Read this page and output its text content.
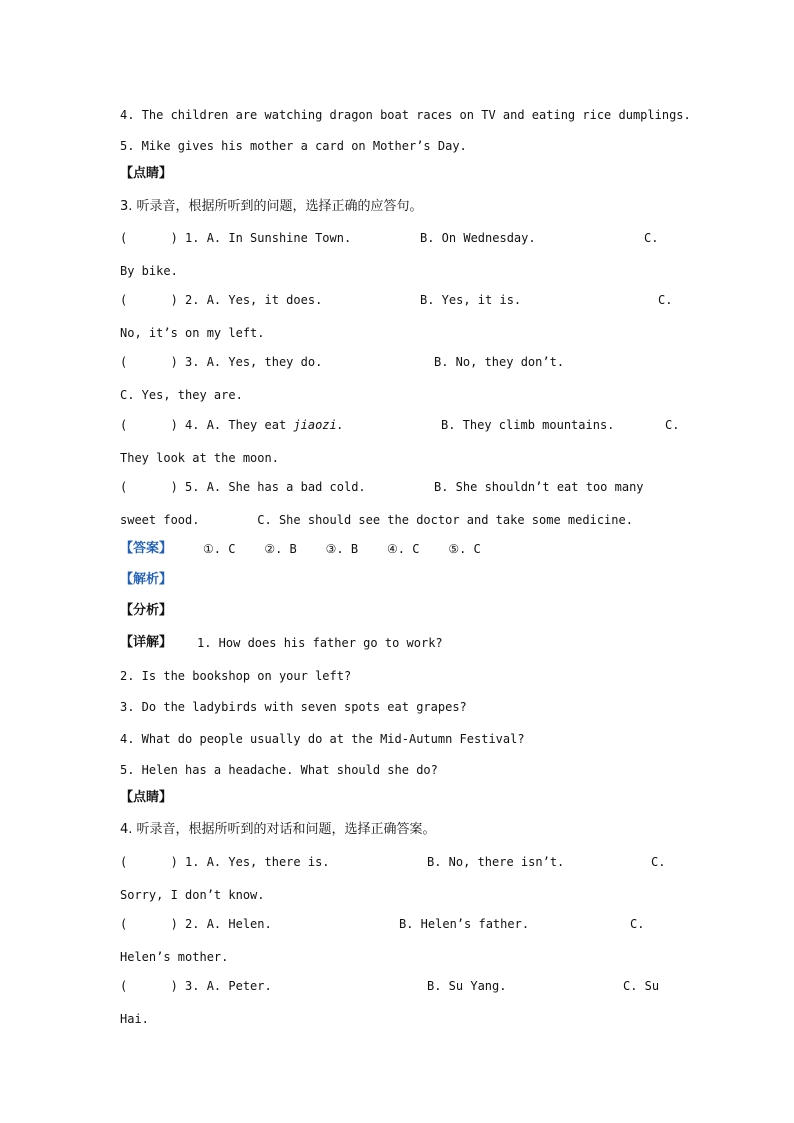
4. The children are watching dragon boat races on TV and eating rice dumplings.
5. Mike gives his mother a card on Mother’s Day.
【点睛】
3. 听录音，根据所听到的问题，选择正确的应答句。
(      ) 1. A. In Sunshine Town.	B. On Wednesday.	C.
By bike.
(      ) 2. A. Yes, it does.	B. Yes, it is.	C.
No, it’s on my left.
(      ) 3. A. Yes, they do.	B. No, they don’t.
C. Yes, they are.
(      ) 4. A. They eat jiaozi.	B. They climb mountains.	C.
They look at the moon.
(      ) 5. A. She has a bad cold.	B. She shouldn’t eat too many
sweet food.        C. She should see the doctor and take some medicine.
【答案】	①. C    ②. B    ③. B    ④. C    ⑤. C
【解析】
【分析】
【详解】 1. How does his father go to work?
2. Is the bookshop on your left?
3. Do the ladybirds with seven spots eat grapes?
4. What do people usually do at the Mid-Autumn Festival?
5. Helen has a headache. What should she do?
【点睛】
4. 听录音，根据所听到的对话和问题，选择正确答案。
(      ) 1. A. Yes, there is.	B. No, there isn’t.	C.
Sorry, I don’t know.
(      ) 2. A. Helen.	B. Helen’s father.	C.
Helen’s mother.
(      ) 3. A. Peter.	B. Su Yang.	C. Su
Hai.
